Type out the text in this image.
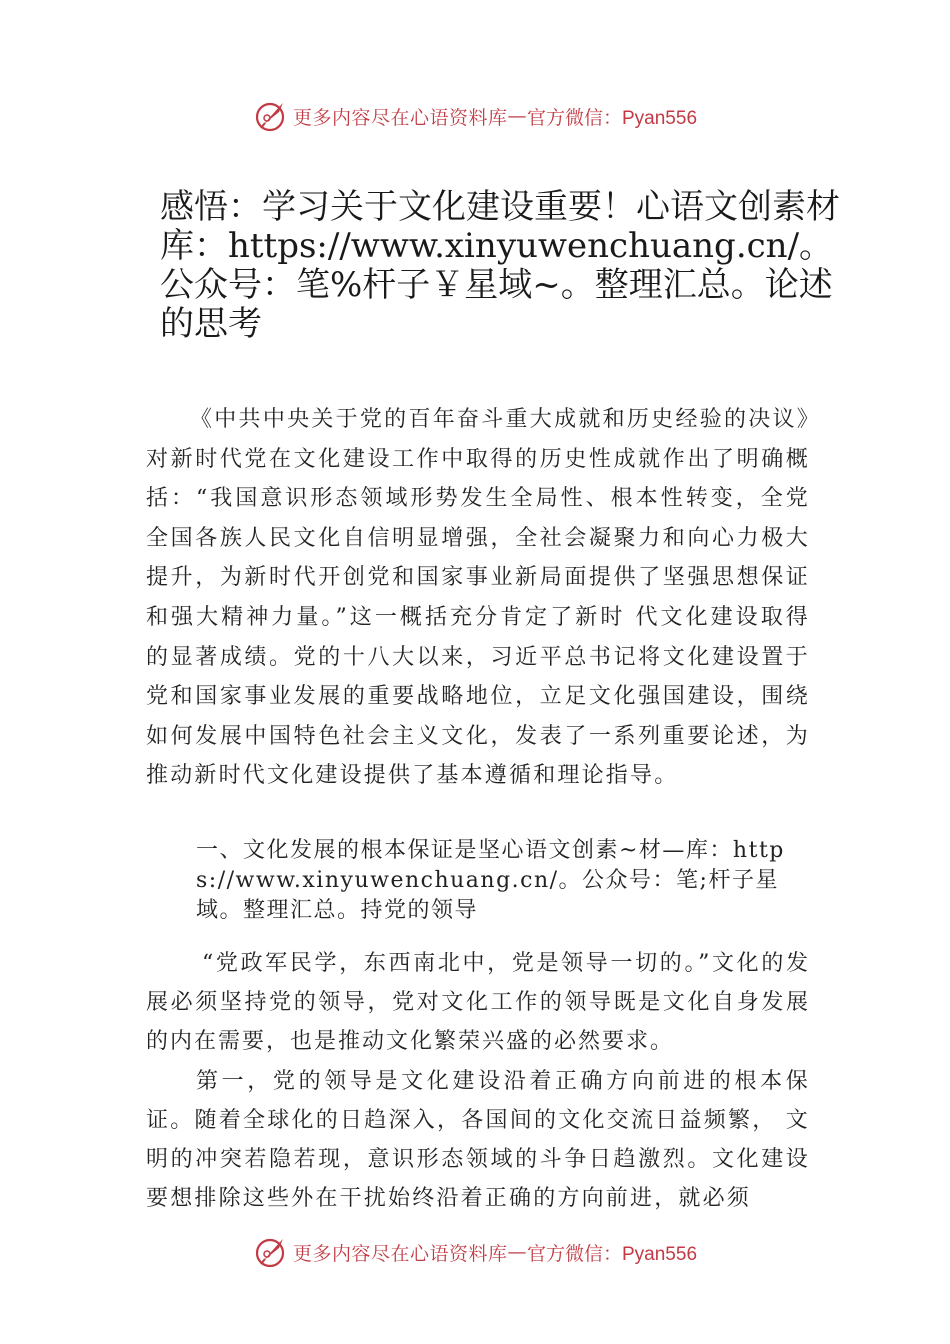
更多内容尽在心语资料库 — 官方微信：Pyan556
感悟：学习关于文化建设重要！心语文创素材库：https://www.xinyuwenchuang.cn/。公众号：笔%杆子￥星域~。整理汇总。论述的思考

《中共中央关于党的百年奋斗重大成就和历史经验的决议》对新时代党在文化建设工作中取得的历史性成就作出了明确概括：“我国意识形态领域形势发生全局性、根本性转变，全党全国各族人民文化自信明显增强，全社会凝聚力和向心力极大提升，为新时代开创党和国家事业新局面提供了坚强思想保证和强大精神力量。”这一概括充分肯定了新时 代文化建设取得的显著成绩。党的十八大以来，习近平总书记将文化建设置于党和国家事业发展的重要战略地位，立足文化强国建设，围绕如何发展中国特色社会主义文化，发表了一系列重要论述，为推动新时代文化建设提供了基本遵循和理论指导。

一、文化发展的根本保证是坚心语文创素~材—库：https://www.xinyuwenchuang.cn/。公众号：笔;杆子星域。整理汇总。持党的领导

“党政军民学，东西南北中，党是领导一切的。”文化的发展必须坚持党的领导，党对文化工作的领导既是文化自身发展的内在需要，也是推动文化繁荣兴盛的必然要求。

第一，党的领导是文化建设沿着正确方向前进的根本保证。随着全球化的日趋深入，各国间的文化交流日益频繁， 文明的冲突若隐若现，意识形态领域的斗争日趋激烈。文化建设要想排除这些外在干扰始终沿着正确的方向前进，就必须

更多内容尽在心语资料库 — 官方微信：Pyan556
